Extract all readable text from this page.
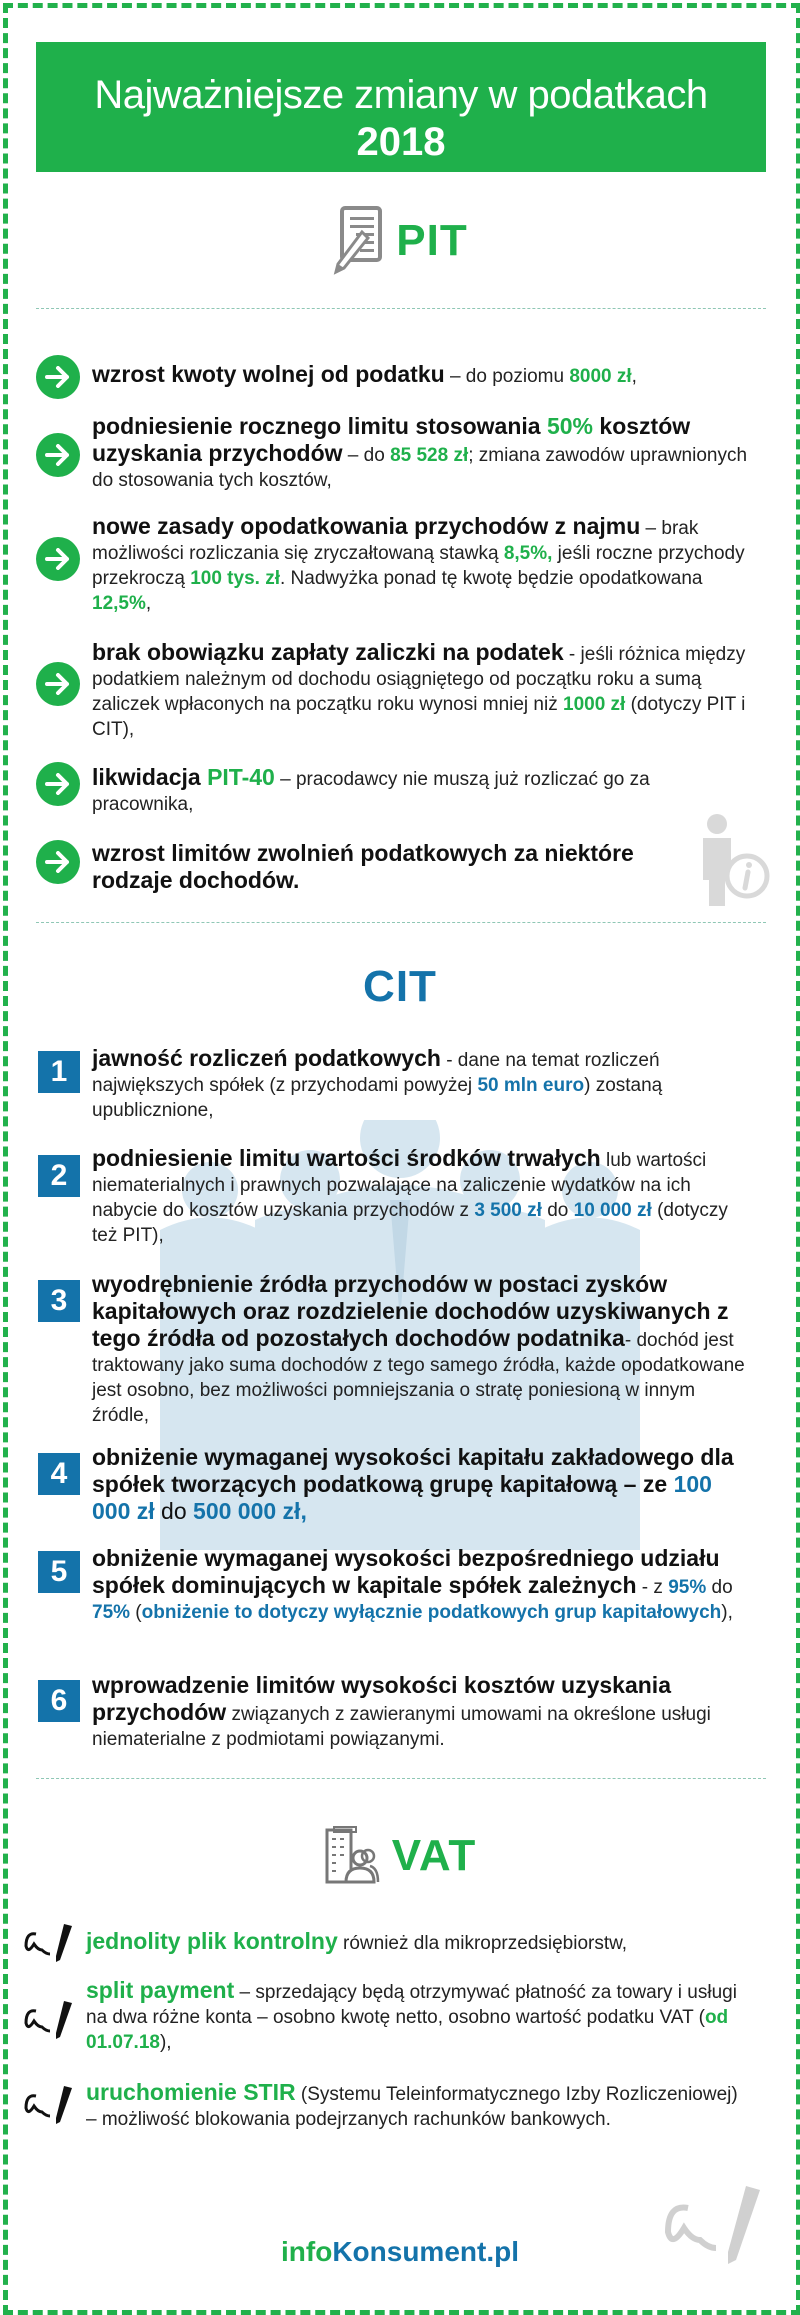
Najważniejsze zmiany w podatkach
2018
PIT
wzrost kwoty wolnej od podatku – do poziomu 8000 zł,
podniesienie rocznego limitu stosowania 50% kosztów uzyskania przychodów – do 85 528 zł; zmiana zawodów uprawnionych do stosowania tych kosztów,
nowe zasady opodatkowania przychodów z najmu – brak możliwości rozliczania się zryczałtowaną stawką 8,5%, jeśli roczne przychody przekroczą 100 tys. zł. Nadwyżka ponad tę kwotę będzie opodatkowana 12,5%,
brak obowiązku zapłaty zaliczki na podatek - jeśli różnica między podatkiem należnym od dochodu osiągniętego od początku roku a sumą zaliczek wpłaconych na początku roku wynosi mniej niż 1000 zł (dotyczy PIT i CIT),
likwidacja PIT-40 – pracodawcy nie muszą już rozliczać go za pracownika,
wzrost limitów zwolnień podatkowych za niektóre rodzaje dochodów.
CIT
1	jawność rozliczeń podatkowych - dane na temat rozliczeń największych spółek (z przychodami powyżej 50 mln euro) zostaną upublicznione,
2
podniesienie limitu wartości środków trwałych lub wartości niematerialnych i prawnych pozwalające na zaliczenie wydatków na ich nabycie do kosztów uzyskania przychodów z 3 500 zł do 10 000 zł (dotyczy też PIT),
3	wyodrębnienie źródła przychodów w postaci zysków kapitałowych oraz rozdzielenie dochodów uzyskiwanych z tego źródła od pozostałych dochodów podatnika- dochód jest traktowany jako suma dochodów z tego samego źródła, każde opodatkowane jest osobno, bez możliwości pomniejszania o stratę poniesioną w innym źródle,
4	obniżenie wymaganej wysokości kapitału zakładowego dla spółek tworzących podatkową grupę kapitałową – ze 100 000 zł do 500 000 zł,
5	obniżenie wymaganej wysokości bezpośredniego udziału spółek dominujących w kapitale spółek zależnych - z 95% do 75% (obniżenie to dotyczy wyłącznie podatkowych grup kapitałowych),
6	wprowadzenie limitów wysokości kosztów uzyskania przychodów związanych z zawieranymi umowami na określone usługi niematerialne z podmiotami powiązanymi.
VAT
jednolity plik kontrolny również dla mikroprzedsiębiorstw,
split payment – sprzedający będą otrzymywać płatność za towary i usługi na dwa różne konta – osobno kwotę netto, osobno wartość podatku VAT (od 01.07.18),
uruchomienie STIR (Systemu Teleinformatycznego Izby Rozliczeniowej) – możliwość blokowania podejrzanych rachunków bankowych.
infoKonsument.pl
